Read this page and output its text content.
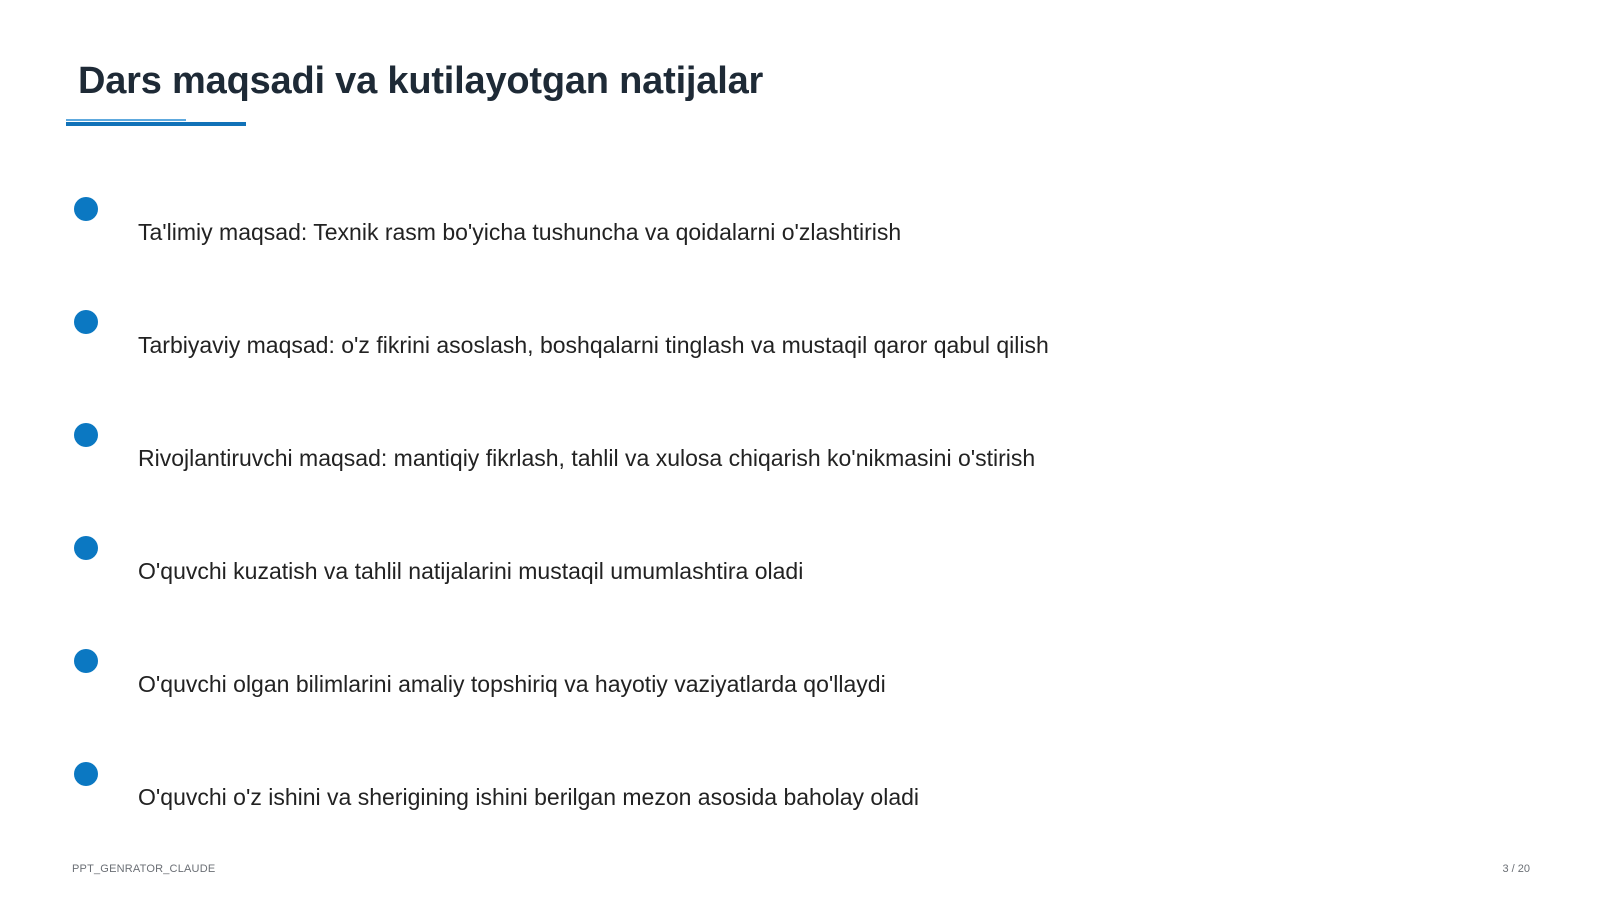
Dars maqsadi va kutilayotgan natijalar
Ta'limiy maqsad: Texnik rasm bo'yicha tushuncha va qoidalarni o'zlashtirish
Tarbiyaviy maqsad: o'z fikrini asoslash, boshqalarni tinglash va mustaqil qaror qabul qilish
Rivojlantiruvchi maqsad: mantiqiy fikrlash, tahlil va xulosa chiqarish ko'nikmasini o'stirish
O'quvchi kuzatish va tahlil natijalarini mustaqil umumlashtira oladi
O'quvchi olgan bilimlarini amaliy topshiriq va hayotiy vaziyatlarda qo'llaydi
O'quvchi o'z ishini va sherigining ishini berilgan mezon asosida baholay oladi
PPT_GENRATOR_CLAUDE	3 / 20
